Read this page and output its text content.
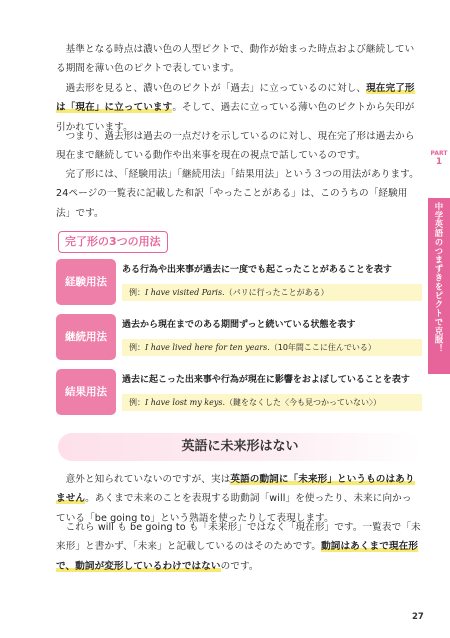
基準となる時点は濃い色の人型ピクトで、動作が始まった時点および継続している期間を薄い色のピクトで表しています。
過去形を見ると、濃い色のピクトが「過去」に立っているのに対し、現在完了形は「現在」に立っています。そして、過去に立っている薄い色のピクトから矢印が引かれています。
つまり、過去形は過去の一点だけを示しているのに対し、現在完了形は過去から現在まで継続している動作や出来事を現在の視点で話しているのです。
完了形には、「経験用法」「継続用法」「結果用法」という３つの用法があります。24ページの一覧表に記載した和訳「やったことがある」は、このうちの「経験用法」です。
PART
1
中学英語のつまずきをピクトで克服！
完了形の3つの用法
経験用法
ある行為や出来事が過去に一度でも起こったことがあることを表す
例：I have visited Paris.（パリに行ったことがある）
継続用法
過去から現在までのある期間ずっと続いている状態を表す
例：I have lived here for ten years.（10年間ここに住んでいる）
結果用法
過去に起こった出来事や行為が現在に影響をおよぼしていることを表す
例：I have lost my keys.（鍵をなくした〈今も見つかっていない〉）
英語に未来形はない
意外と知られていないのですが、実は英語の動詞に「未来形」というものはありません。あくまで未来のことを表現する助動詞「will」を使ったり、未来に向かっている「be going to」という熟語を使ったりして表現します。
これら will も be going to も「未来形」ではなく「現在形」です。一覧表で「未来形」と書かず、「未来」と記載しているのはそのためです。動詞はあくまで現在形で、動詞が変形しているわけではないのです。
27
